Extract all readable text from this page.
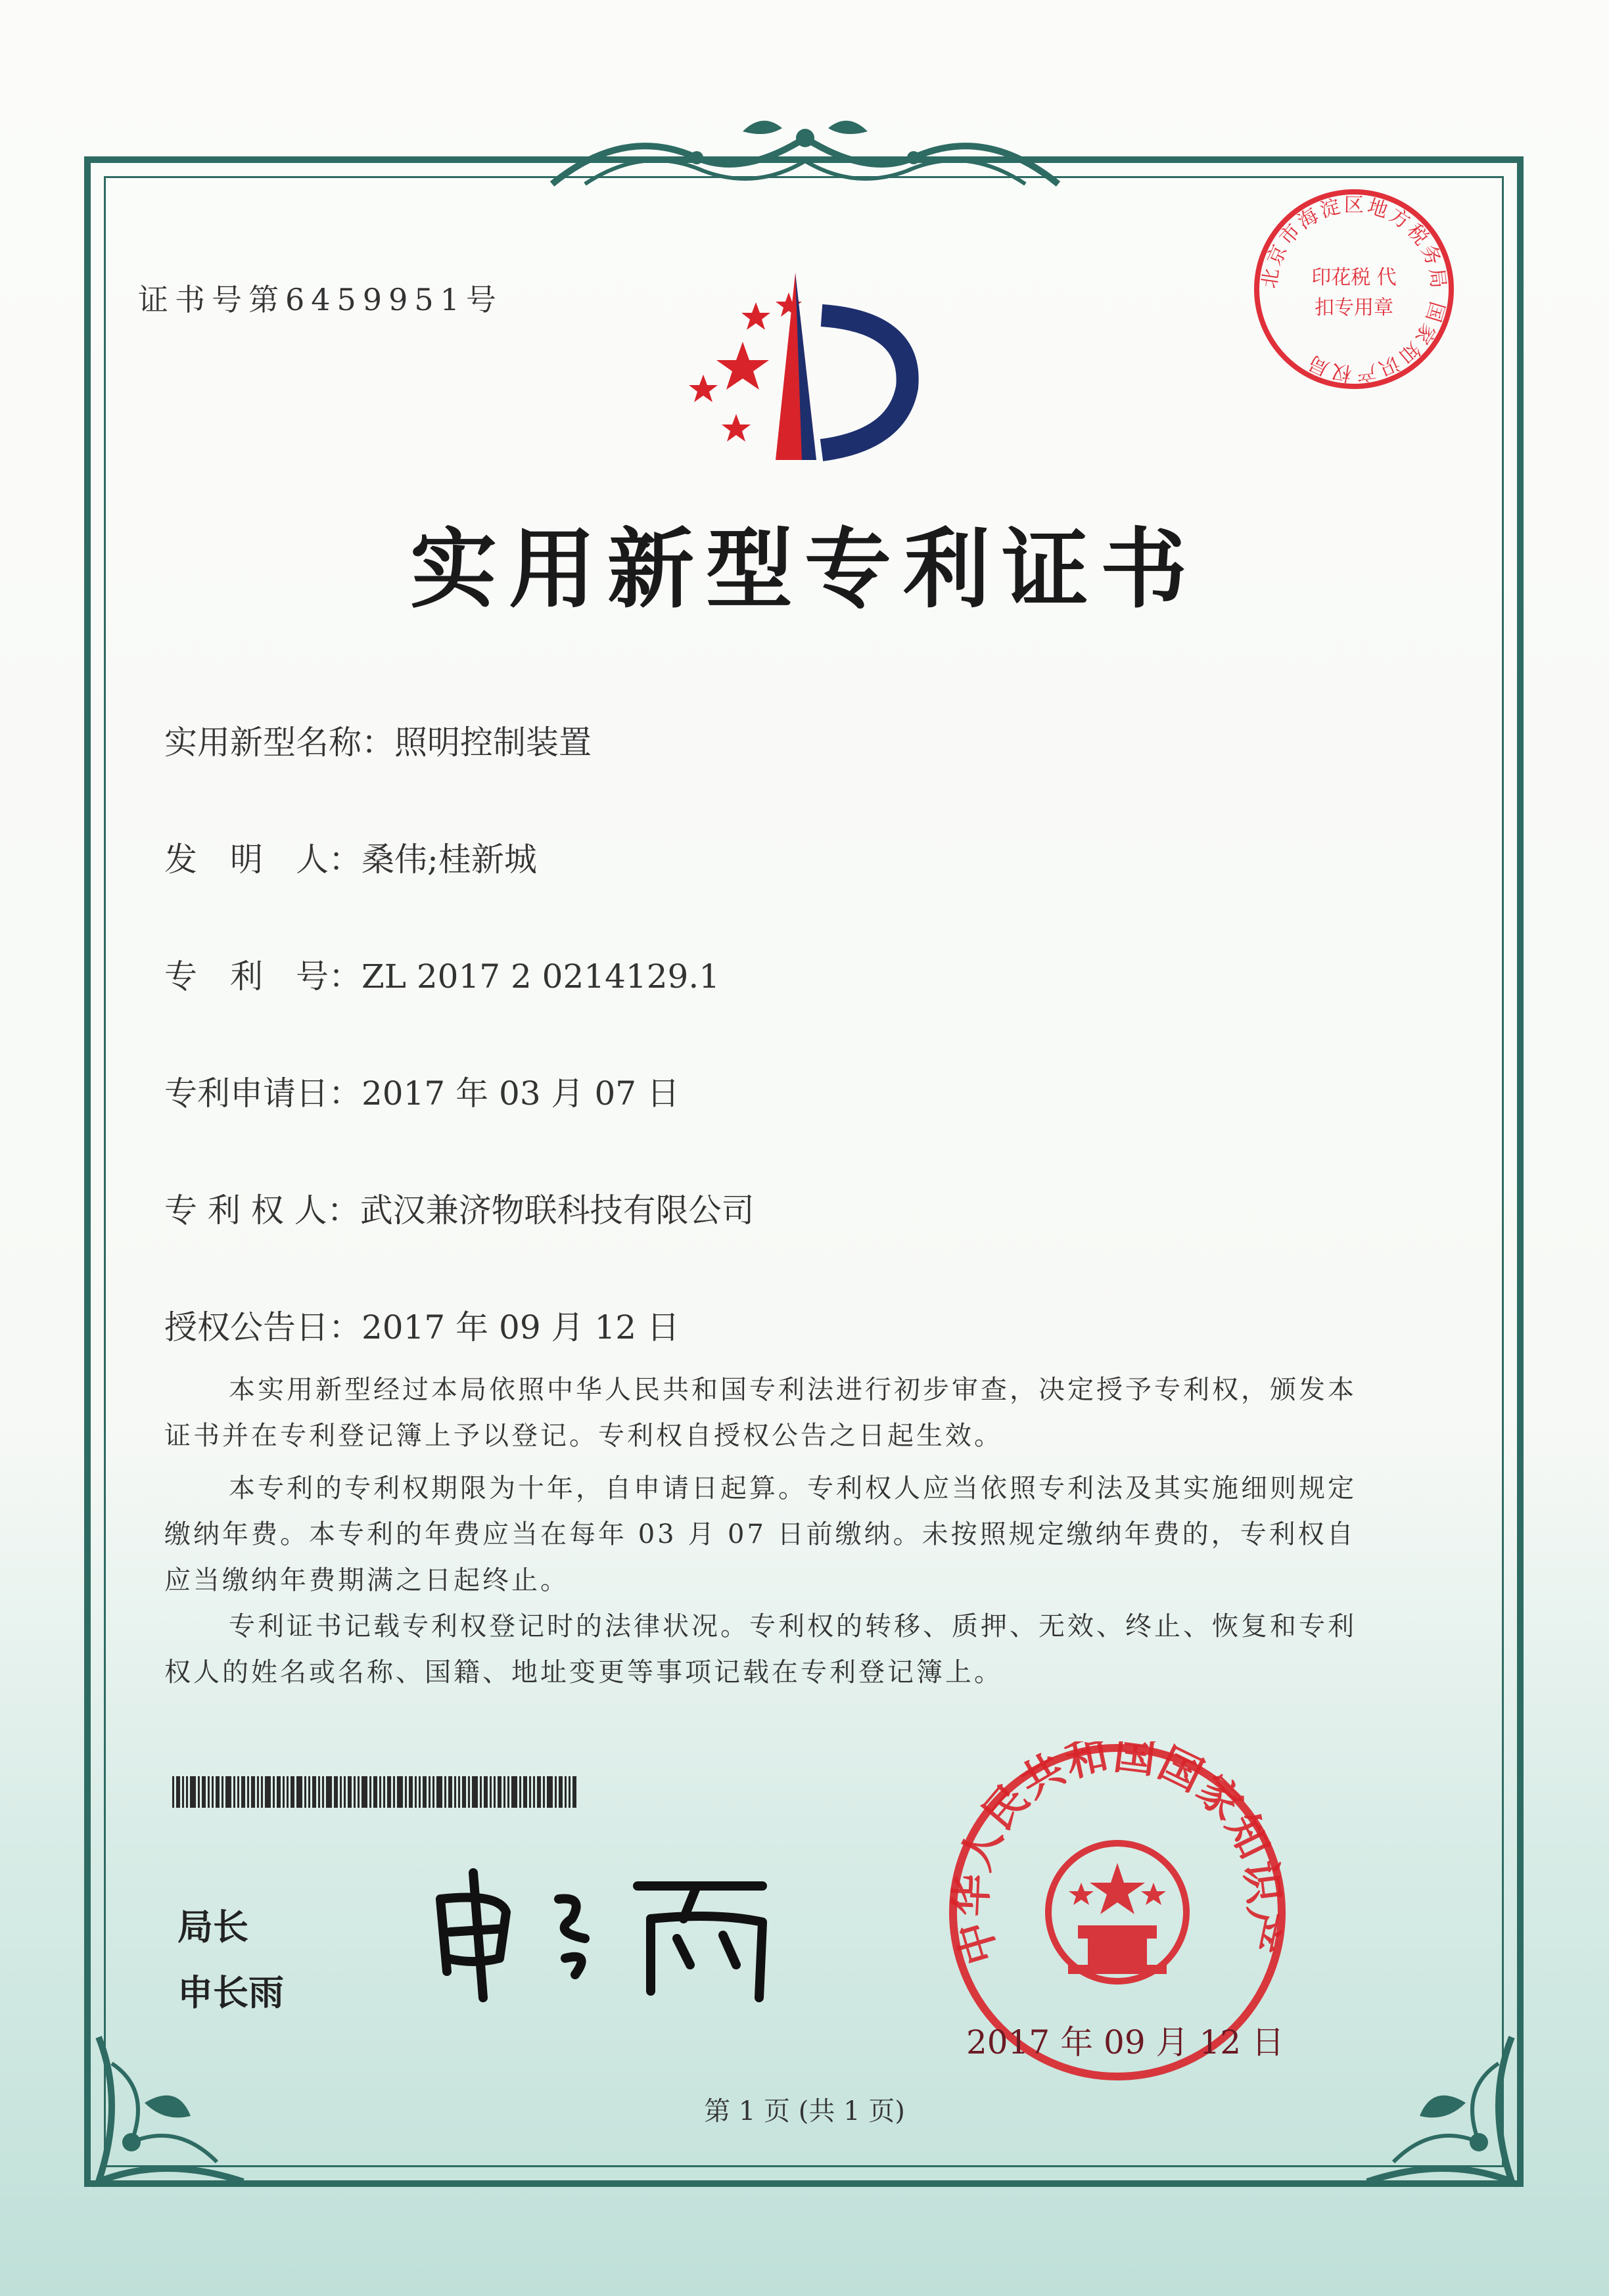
证书号第6459951号
实用新型专利证书
北京市海淀区地方税务局 国家知识产权局
印花税 代扣专用章
实用新型名称：照明控制装置
发　明　人：桑伟;桂新城
专　利　号：ZL 2017 2 0214129.1
专利申请日：2017 年 03 月 07 日
专 利 权 人：武汉兼济物联科技有限公司
授权公告日：2017 年 09 月 12 日
本实用新型经过本局依照中华人民共和国专利法进行初步审查，决定授予专利权，颁发本证书并在专利登记簿上予以登记。专利权自授权公告之日起生效。
本专利的专利权期限为十年，自申请日起算。专利权人应当依照专利法及其实施细则规定缴纳年费。本专利的年费应当在每年 03 月 07 日前缴纳。未按照规定缴纳年费的，专利权自应当缴纳年费期满之日起终止。
专利证书记载专利权登记时的法律状况。专利权的转移、质押、无效、终止、恢复和专利权人的姓名或名称、国籍、地址变更等事项记载在专利登记簿上。
局长
申长雨
中华人民共和国国家知识产
2017 年 09 月 12 日
第 1 页 (共 1 页)
